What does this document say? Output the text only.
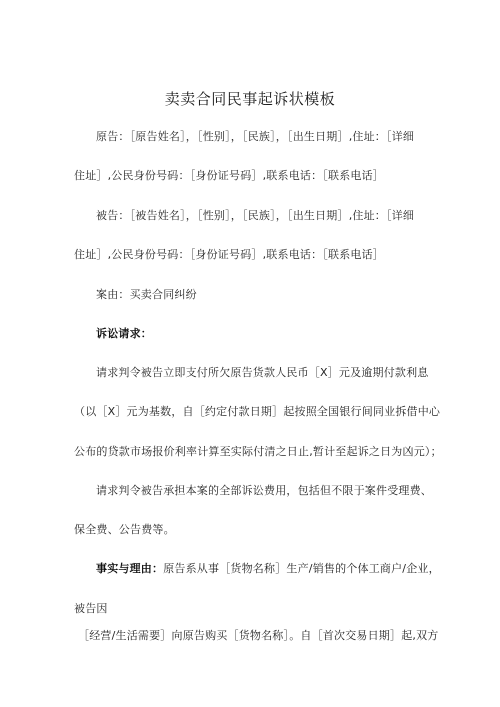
卖卖合同民事起诉状模板
原告：［原告姓名］，［性别］，［民族］，［出生日期］,住址：［详细
住址］,公民身份号码：［身份证号码］,联系电话：［联系电话］
被告：［被告姓名］，［性别］，［民族］，［出生日期］,住址：［详细
住址］,公民身份号码：［身份证号码］,联系电话：［联系电话］
案由：买卖合同纠纷
诉讼请求：
请求判令被告立即支付所欠原告货款人民币［X］元及逾期付款利息
（以［X］元为基数，自［约定付款日期］起按照全国银行间同业拆借中心
公布的贷款市场报价利率计算至实际付清之日止,暂计至起诉之日为凶元）；
请求判令被告承担本案的全部诉讼费用，包括但不限于案件受理费、
保全费、公告费等。
事实与理由：原告系从事［货物名称］生产/销售的个体工商户/企业，
被告因
［经营/生活需要］向原告购买［货物名称］。自［首次交易日期］起,双方
